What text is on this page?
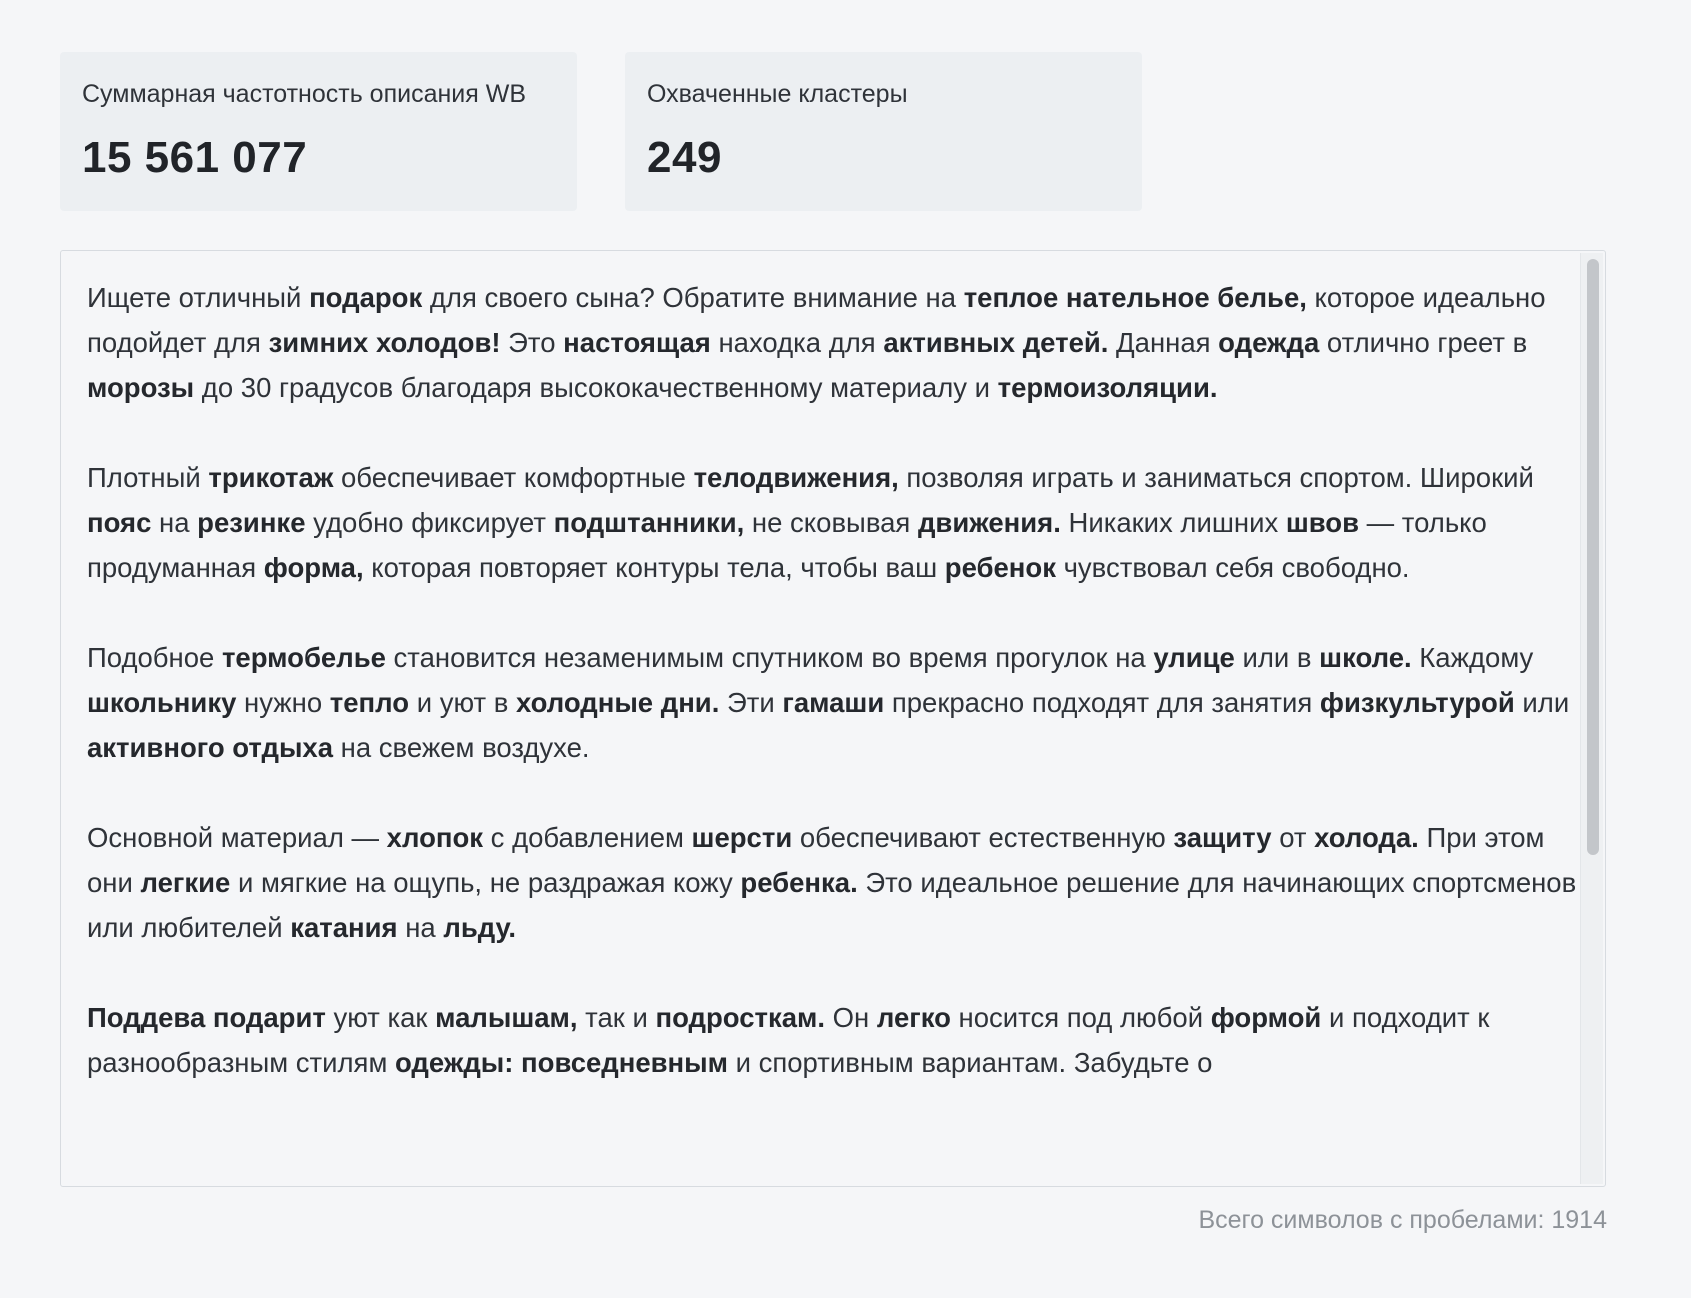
Суммарная частотность описания WB
15 561 077
Охваченные кластеры
249

Ищете отличный подарок для своего сына? Обратите внимание на теплое нательное белье, которое идеально подойдет для зимних холодов! Это настоящая находка для активных детей. Данная одежда отлично греет в морозы до 30 градусов благодаря высококачественному материалу и термоизоляции.

Плотный трикотаж обеспечивает комфортные телодвижения, позволяя играть и заниматься спортом. Широкий пояс на резинке удобно фиксирует подштанники, не сковывая движения. Никаких лишних швов — только продуманная форма, которая повторяет контуры тела, чтобы ваш ребенок чувствовал себя свободно.

Подобное термобелье становится незаменимым спутником во время прогулок на улице или в школе. Каждому школьнику нужно тепло и уют в холодные дни. Эти гамаши прекрасно подходят для занятия физкультурой или активного отдыха на свежем воздухе.

Основной материал — хлопок с добавлением шерсти обеспечивают естественную защиту от холода. При этом они легкие и мягкие на ощупь, не раздражая кожу ребенка. Это идеальное решение для начинающих спортсменов или любителей катания на льду.

Поддева подарит уют как малышам, так и подросткам. Он легко носится под любой формой и подходит к разнообразным стилям одежды: повседневным и спортивным вариантам. Забудьте о

Всего символов с пробелами: 1914
